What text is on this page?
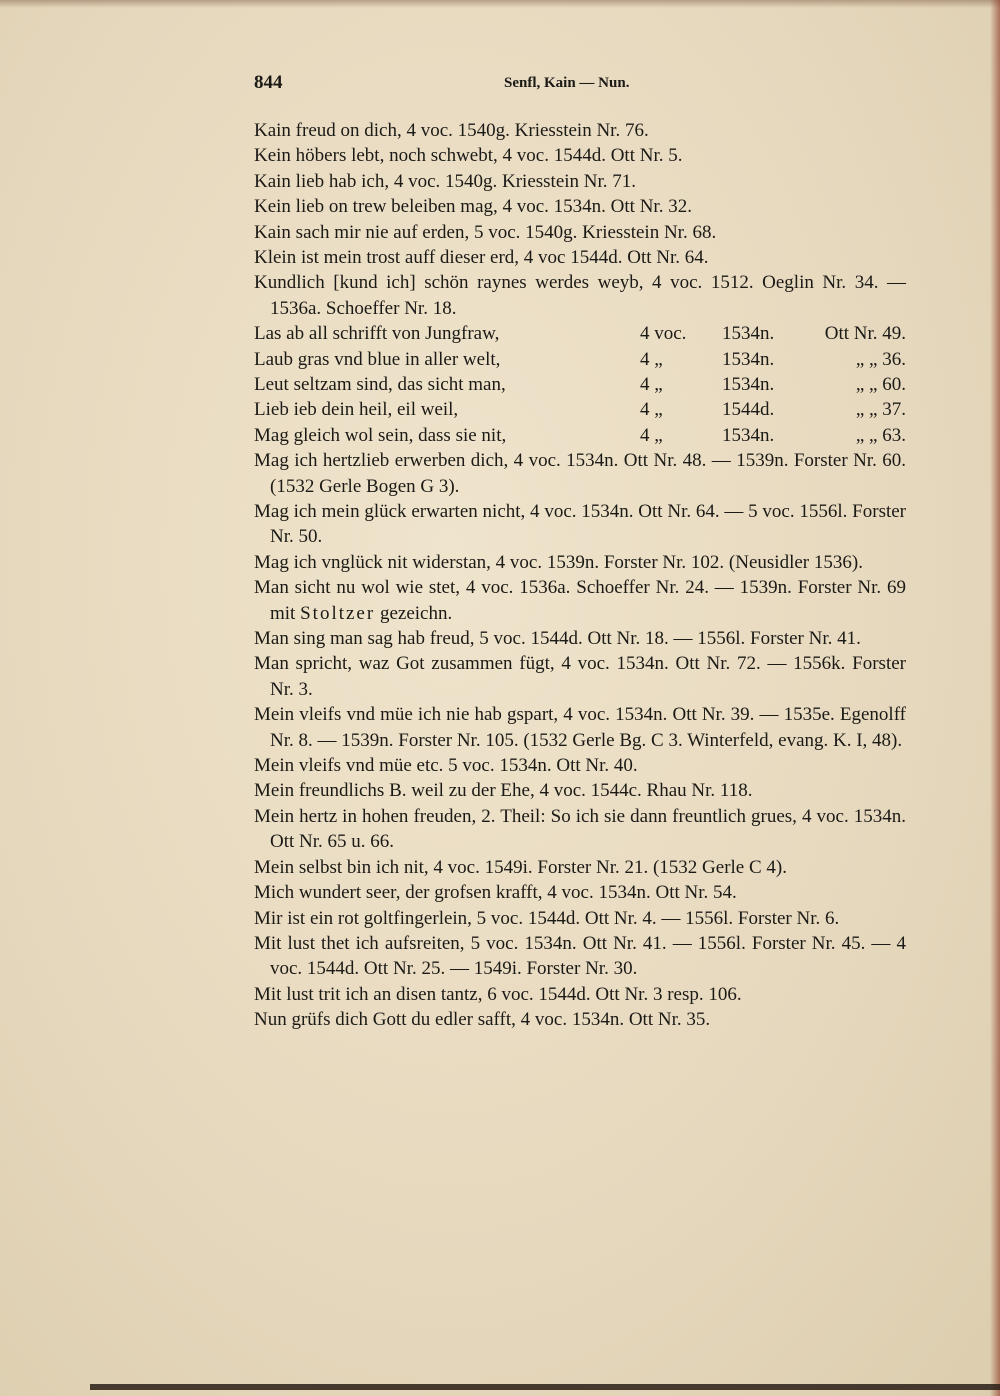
844	Senfl, Kain — Nun.

Kain freud on dich, 4 voc. 1540g. Kriesstein Nr. 76.

Kein höbers lebt, noch schwebt, 4 voc. 1544d. Ott Nr. 5.

Kain lieb hab ich, 4 voc. 1540g. Kriesstein Nr. 71.

Kein lieb on trew beleiben mag, 4 voc. 1534n. Ott Nr. 32.

Kain sach mir nie auf erden, 5 voc. 1540g. Kriesstein Nr. 68.

Klein ist mein trost auff dieser erd, 4 voc 1544d. Ott Nr. 64.

Kundlich [kund ich] schön raynes werdes weyb, 4 voc. 1512. Oeglin Nr. 34. — 1536a. Schoeffer Nr. 18.

Las ab all schrifft von Jungfraw,	4 voc.	1534n.	Ott Nr. 49.
Laub gras vnd blue in aller welt,	4 „	1534n.	„ „ 36.
Leut seltzam sind, das sicht man,	4 „	1534n.	„ „ 60.
Lieb ieb dein heil, eil weil,	4 „	1544d.	„ „ 37.
Mag gleich wol sein, dass sie nit,	4 „	1534n.	„ „ 63.

Mag ich hertzlieb erwerben dich, 4 voc. 1534n. Ott Nr. 48. — 1539n. Forster Nr. 60. (1532 Gerle Bogen G 3).

Mag ich mein glück erwarten nicht, 4 voc. 1534n. Ott Nr. 64. — 5 voc. 1556l. Forster Nr. 50.

Mag ich vnglück nit widerstan, 4 voc. 1539n. Forster Nr. 102. (Neusidler 1536).

Man sicht nu wol wie stet, 4 voc. 1536a. Schoeffer Nr. 24. — 1539n. Forster Nr. 69 mit Stoltzer gezeichn.

Man sing man sag hab freud, 5 voc. 1544d. Ott Nr. 18. — 1556l. Forster Nr. 41.

Man spricht, waz Got zusammen fügt, 4 voc. 1534n. Ott Nr. 72. — 1556k. Forster Nr. 3.

Mein vleifs vnd müe ich nie hab gspart, 4 voc. 1534n. Ott Nr. 39. — 1535e. Egenolff Nr. 8. — 1539n. Forster Nr. 105. (1532 Gerle Bg. C 3. Winterfeld, evang. K. I, 48).

Mein vleifs vnd müe etc. 5 voc. 1534n. Ott Nr. 40.

Mein freundlichs B. weil zu der Ehe, 4 voc. 1544c. Rhau Nr. 118.

Mein hertz in hohen freuden, 2. Theil: So ich sie dann freuntlich grues, 4 voc. 1534n. Ott Nr. 65 u. 66.

Mein selbst bin ich nit, 4 voc. 1549i. Forster Nr. 21. (1532 Gerle C 4).

Mich wundert seer, der grofsen krafft, 4 voc. 1534n. Ott Nr. 54.

Mir ist ein rot goltfingerlein, 5 voc. 1544d. Ott Nr. 4. — 1556l. Forster Nr. 6.

Mit lust thet ich aufsreiten, 5 voc. 1534n. Ott Nr. 41. — 1556l. Forster Nr. 45. — 4 voc. 1544d. Ott Nr. 25. — 1549i. Forster Nr. 30.

Mit lust trit ich an disen tantz, 6 voc. 1544d. Ott Nr. 3 resp. 106.

Nun grüfs dich Gott du edler safft, 4 voc. 1534n. Ott Nr. 35.
